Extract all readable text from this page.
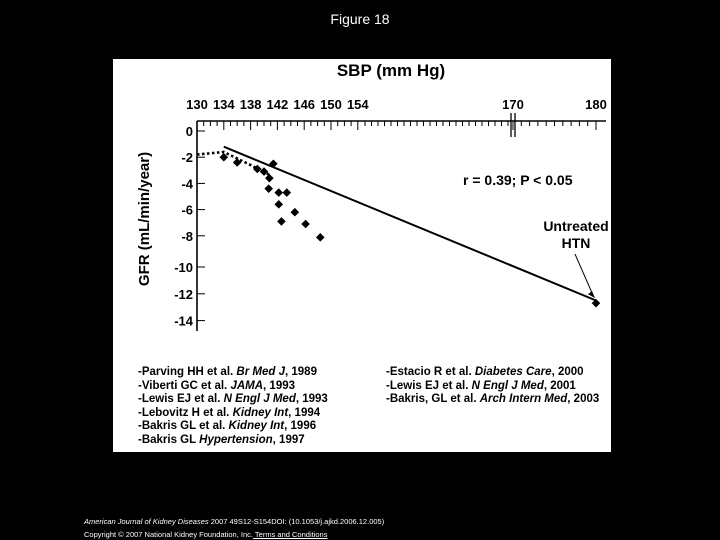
Figure 18
SBP (mm Hg)
130 134 138 142 146 150 154	170	180
0
-2
-4
-6
-8
-10
-12
-14
GFR (mL/min/year)	r = 0.39; P < 0.05
Untreated
HTN
-Parving HH et al. Br Med J, 1989
-Viberti GC et al. JAMA, 1993
-Lewis EJ et al. N Engl J Med, 1993
-Lebovitz H et al. Kidney Int, 1994
-Bakris GL et al. Kidney Int, 1996
-Bakris GL Hypertension, 1997
-Estacio R et al. Diabetes Care, 2000
-Lewis EJ et al. N Engl J Med, 2001
-Bakris, GL et al. Arch Intern Med, 2003
American Journal of Kidney Diseases 2007 49S12-S154DOI: (10.1053/j.ajkd.2006.12.005)
Copyright © 2007 National Kidney Foundation, Inc. Terms and Conditions
